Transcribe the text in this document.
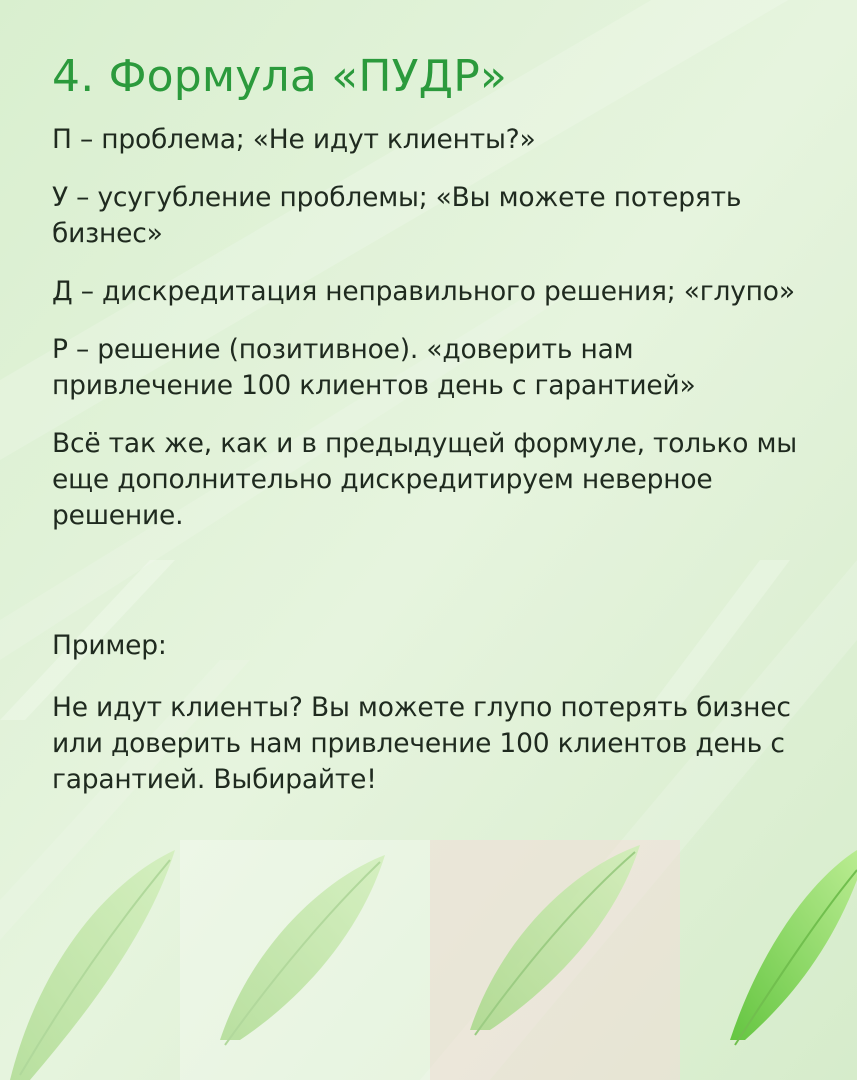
4. Формула «ПУДР»

П – проблема; «Не идут клиенты?»

У – усугубление проблемы; «Вы можете потерять бизнес»

Д – дискредитация неправильного решения; «глупо»

Р – решение (позитивное). «доверить нам привлечение 100 клиентов день с гарантией»

Всё так же, как и в предыдущей формуле, только мы еще дополнительно дискредитируем неверное решение.

Пример:

Не идут клиенты? Вы можете глупо потерять бизнес или доверить нам привлечение 100 клиентов день с гарантией. Выбирайте!
